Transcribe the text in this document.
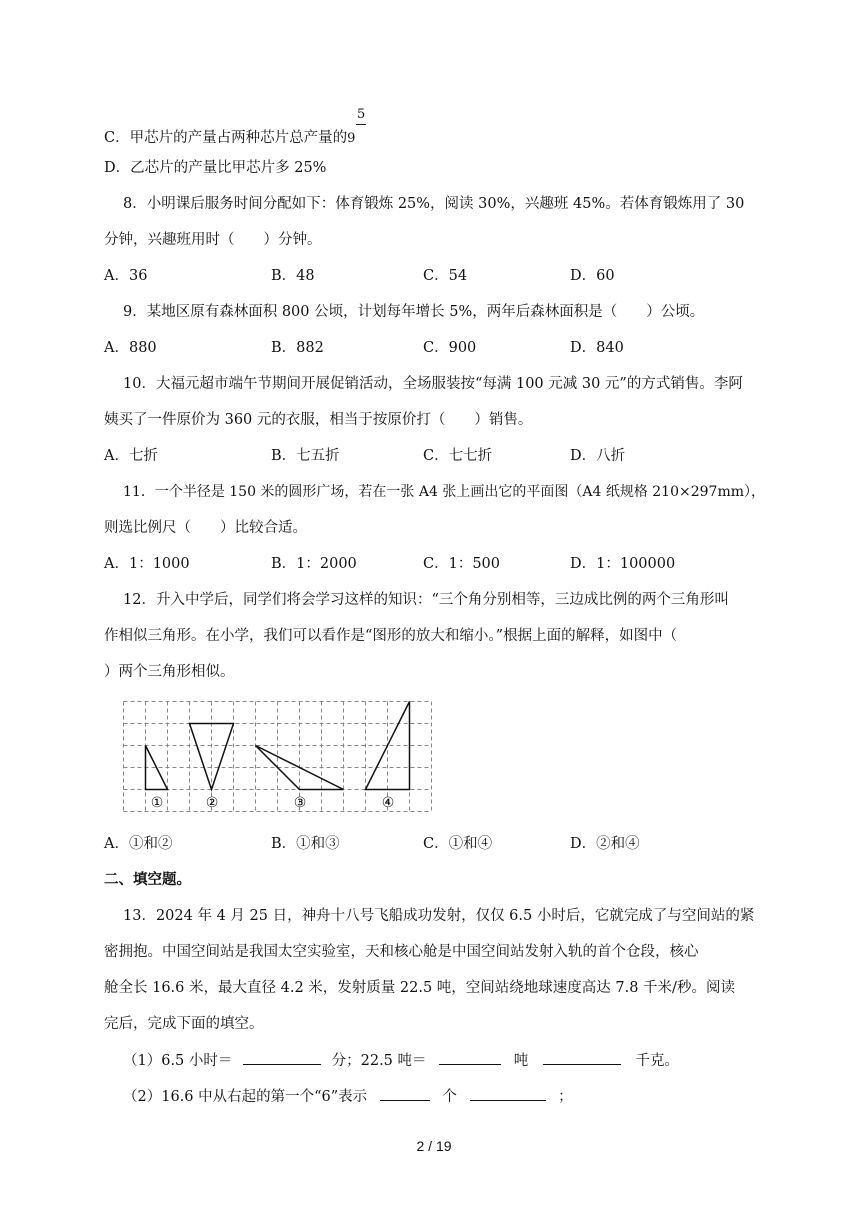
5
C．甲芯片的产量占两种芯片总产量的9
D．乙芯片的产量比甲芯片多 25%
8．小明课后服务时间分配如下：体育锻炼 25%，阅读 30%，兴趣班 45%。若体育锻炼用了 30
分钟，兴趣班用时（　　）分钟。
A．36	B．48	C．54	D．60
9．某地区原有森林面积 800 公顷，计划每年增长 5%，两年后森林面积是（　　）公顷。
A．880	B．882	C．900	D．840
10．大福元超市端午节期间开展促销活动，全场服装按“每满 100 元减 30 元”的方式销售。李阿
姨买了一件原价为 360 元的衣服，相当于按原价打（　　）销售。
A．七折	B．七五折	C．七七折	D．八折
11．一个半径是 150 米的圆形广场，若在一张 A4 张上画出它的平面图（A4 纸规格 210×297mm），
则选比例尺（　　）比较合适。
A．1：1000	B．1：2000	C．1：500	D．1：100000
12．升入中学后，同学们将会学习这样的知识：“三个角分别相等，三边成比例的两个三角形叫
作相似三角形。在小学，我们可以看作是“图形的放大和缩小。”根据上面的解释，如图中（
）两个三角形相似。
①	②	③	④
A．①和②	B．①和③	C．①和④	D．②和④
二、填空题。
13．2024 年 4 月 25 日，神舟十八号飞船成功发射，仅仅 6.5 小时后，它就完成了与空间站的紧
密拥抱。中国空间站是我国太空实验室，天和核心舱是中国空间站发射入轨的首个仓段，核心
舱全长 16.6 米，最大直径 4.2 米，发射质量 22.5 吨，空间站绕地球速度高达 7.8 千米/秒。阅读
完后，完成下面的填空。
（1）6.5 小时＝	分；22.5 吨＝	吨	千克。
（2）16.6 中从右起的第一个“6”表示	个	；
2 / 19
